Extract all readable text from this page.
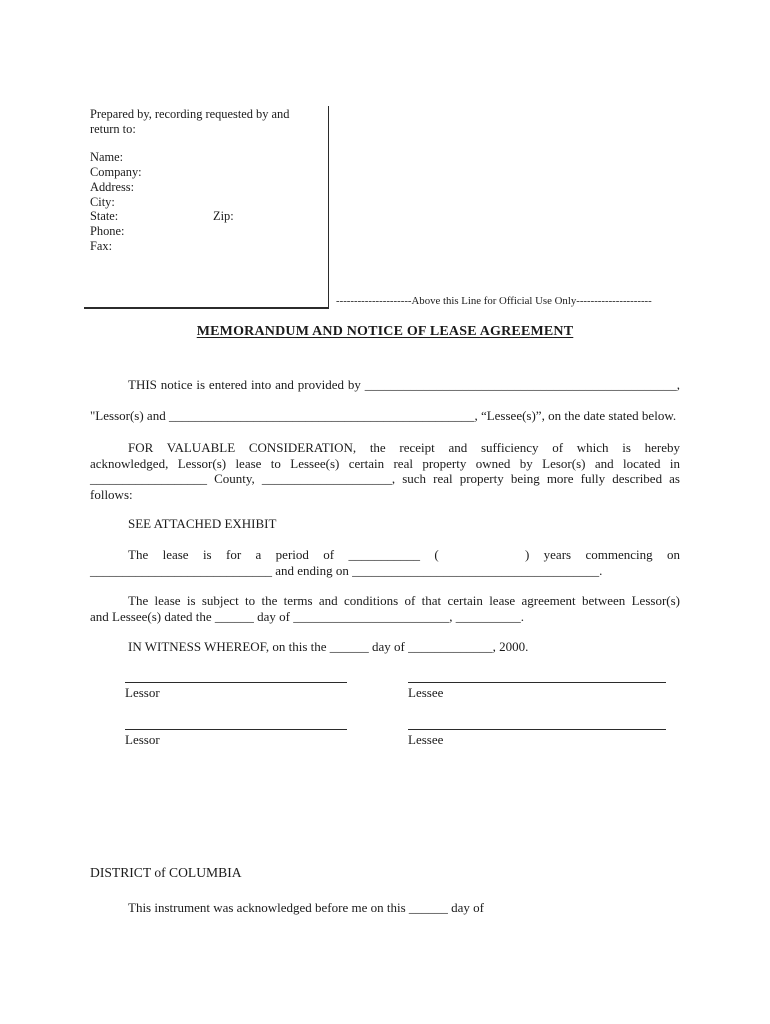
Prepared by, recording requested by and return to:
Name:
Company:
Address:
City:
State:	Zip:
Phone:
Fax:
---------------------Above this Line for Official Use Only---------------------
MEMORANDUM AND NOTICE OF LEASE AGREEMENT
THIS notice is entered into and provided by ________________________________________________,
"Lessor(s) and _______________________________________________, “Lessee(s)”, on the date stated below.
FOR VALUABLE CONSIDERATION, the receipt and sufficiency of which is hereby
acknowledged, Lessor(s) lease to Lessee(s) certain real property owned by Lesor(s) and located in
__________________ County, ____________________, such real property being more fully described as
follows:
SEE ATTACHED EXHIBIT
The lease is for a period of ___________ (      ) years commencing on
____________________________ and ending on ______________________________________.
The lease is subject to the terms and conditions of that certain lease agreement between Lessor(s)
and Lessee(s) dated the ______ day of ________________________, __________.
IN WITNESS WHEREOF, on this the ______ day of _____________, 2000.
Lessor	Lessee
Lessor	Lessee
DISTRICT of COLUMBIA
This instrument was acknowledged before me on this ______ day of
